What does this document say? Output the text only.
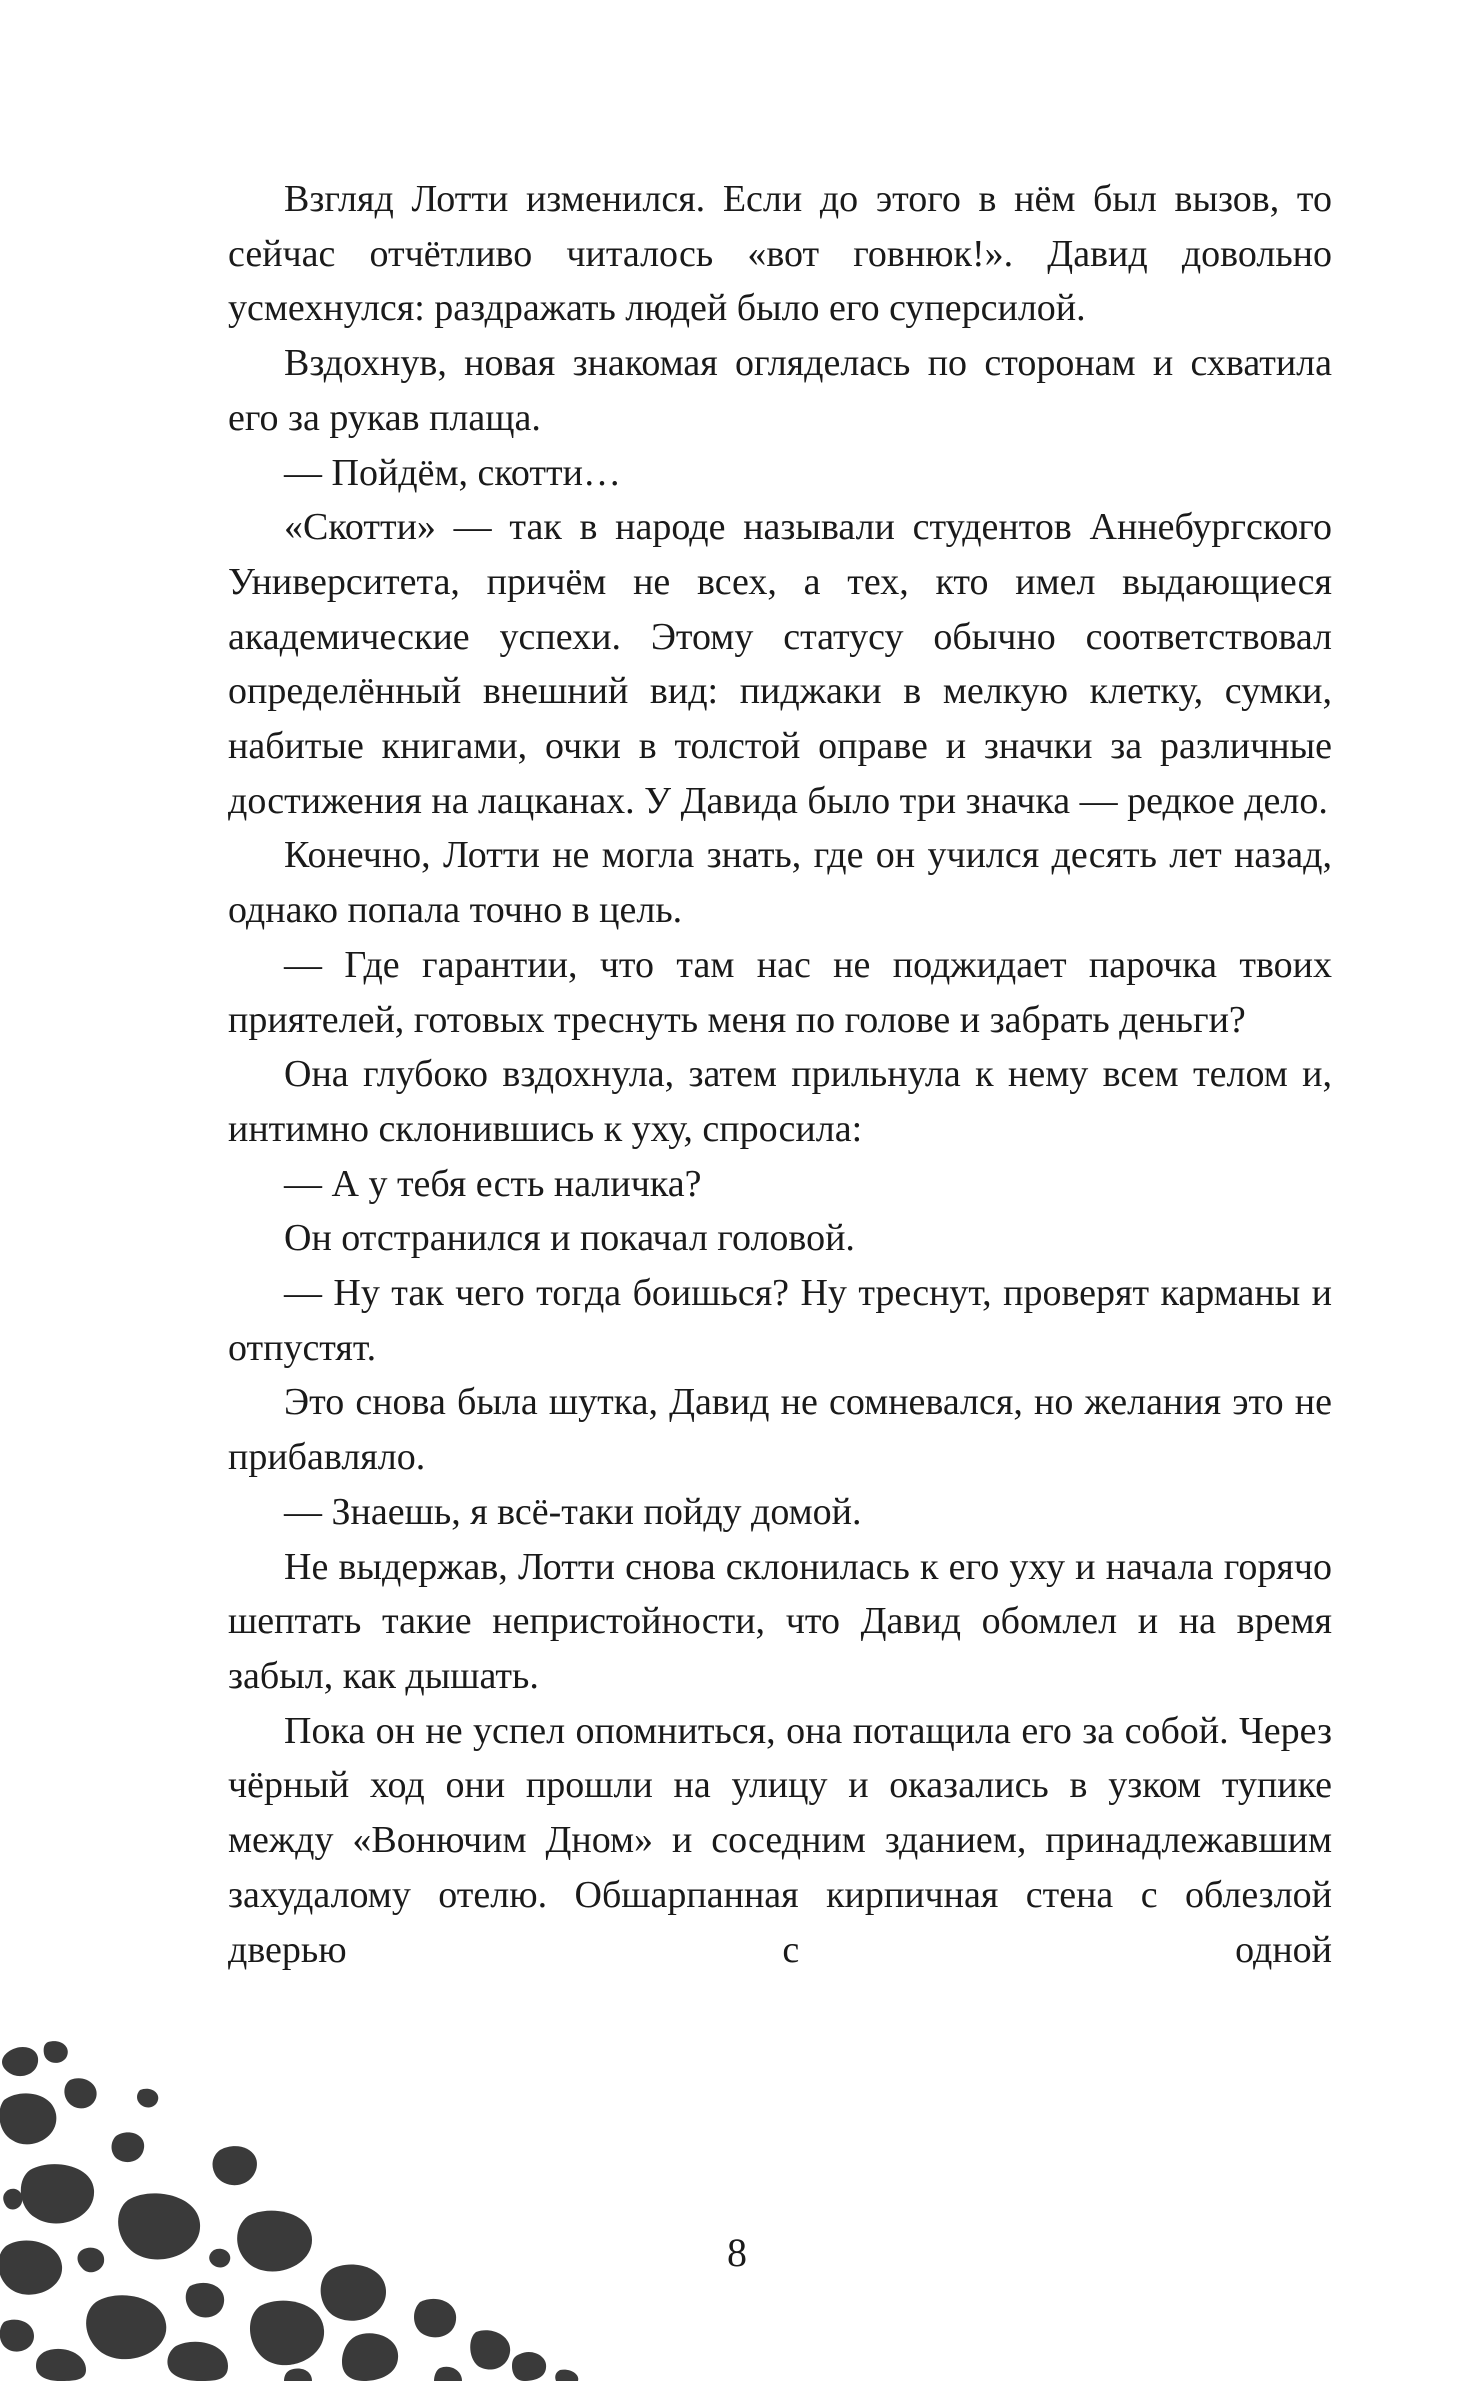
Взгляд Лотти изменился. Если до этого в нём был вызов, то сейчас отчётливо читалось «вот говнюк!». Давид довольно усмехнулся: раздражать людей было его суперсилой.

Вздохнув, новая знакомая огляделась по сторонам и схватила его за рукав плаща.

— Пойдём, скотти…

«Скотти» — так в народе называли студентов Аннебургского Университета, причём не всех, а тех, кто имел выдающиеся академические успехи. Этому статусу обычно соответствовал определённый внешний вид: пиджаки в мелкую клетку, сумки, набитые книгами, очки в толстой оправе и значки за различные достижения на лацканах. У Давида было три значка — редкое дело.

Конечно, Лотти не могла знать, где он учился десять лет назад, однако попала точно в цель.

— Где гарантии, что там нас не поджидает парочка твоих приятелей, готовых треснуть меня по голове и забрать деньги?

Она глубоко вздохнула, затем прильнула к нему всем телом и, интимно склонившись к уху, спросила:

— А у тебя есть наличка?

Он отстранился и покачал головой.

— Ну так чего тогда боишься? Ну треснут, проверят карманы и отпустят.

Это снова была шутка, Давид не сомневался, но желания это не прибавляло.

— Знаешь, я всё-таки пойду домой.

Не выдержав, Лотти снова склонилась к его уху и начала горячо шептать такие непристойности, что Давид обомлел и на время забыл, как дышать.

Пока он не успел опомниться, она потащила его за собой. Через чёрный ход они прошли на улицу и оказались в узком тупике между «Вонючим Дном» и соседним зданием, принадлежавшим захудалому отелю. Обшарпанная кирпичная стена с облезлой дверью с одной

8
